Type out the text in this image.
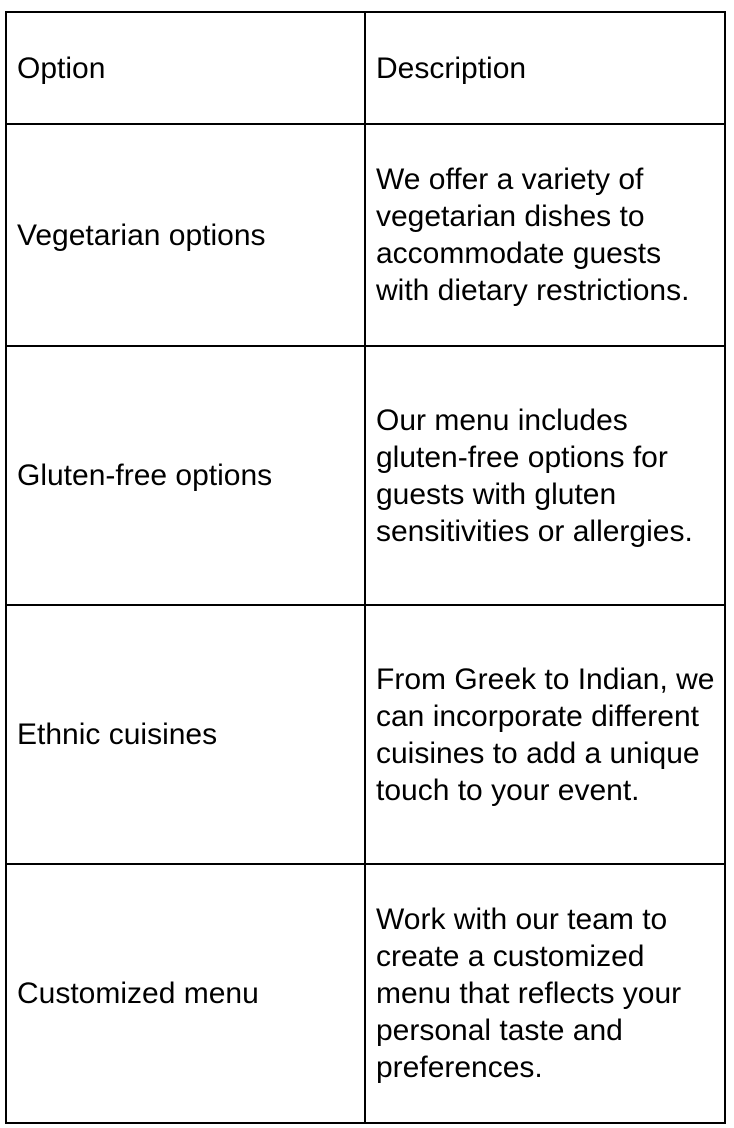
Option	Description
Vegetarian options	We offer a variety of vegetarian dishes to accommodate guests with dietary restrictions.
Gluten-free options	Our menu includes gluten-free options for guests with gluten sensitivities or allergies.
Ethnic cuisines	From Greek to Indian, we can incorporate different cuisines to add a unique touch to your event.
Customized menu	Work with our team to create a customized menu that reflects your personal taste and preferences.
